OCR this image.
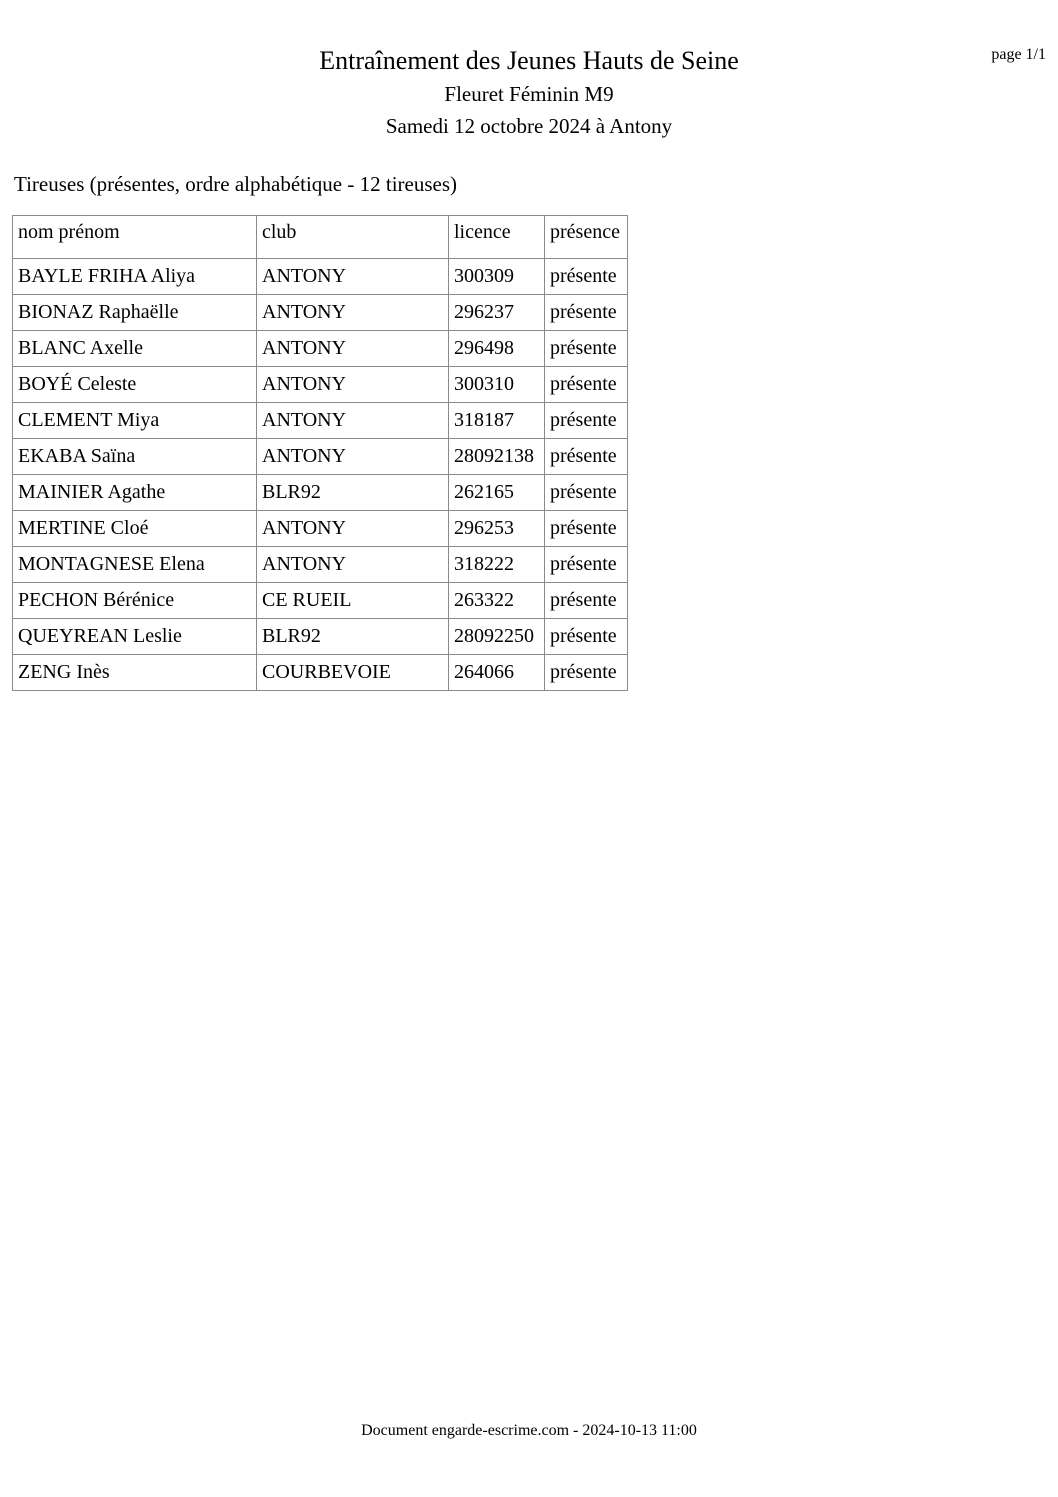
page 1/1
Entraînement des Jeunes Hauts de Seine
Fleuret Féminin M9
Samedi 12 octobre 2024 à Antony
Tireuses (présentes, ordre alphabétique - 12 tireuses)
nom prénom	club	licence	présence
BAYLE FRIHA Aliya	ANTONY	300309	présente
BIONAZ Raphaëlle	ANTONY	296237	présente
BLANC Axelle	ANTONY	296498	présente
BOYÉ Celeste	ANTONY	300310	présente
CLEMENT Miya	ANTONY	318187	présente
EKABA Saïna	ANTONY	28092138	présente
MAINIER Agathe	BLR92	262165	présente
MERTINE Cloé	ANTONY	296253	présente
MONTAGNESE Elena	ANTONY	318222	présente
PECHON Bérénice	CE RUEIL	263322	présente
QUEYREAN Leslie	BLR92	28092250	présente
ZENG Inès	COURBEVOIE	264066	présente
Document engarde-escrime.com - 2024-10-13 11:00
